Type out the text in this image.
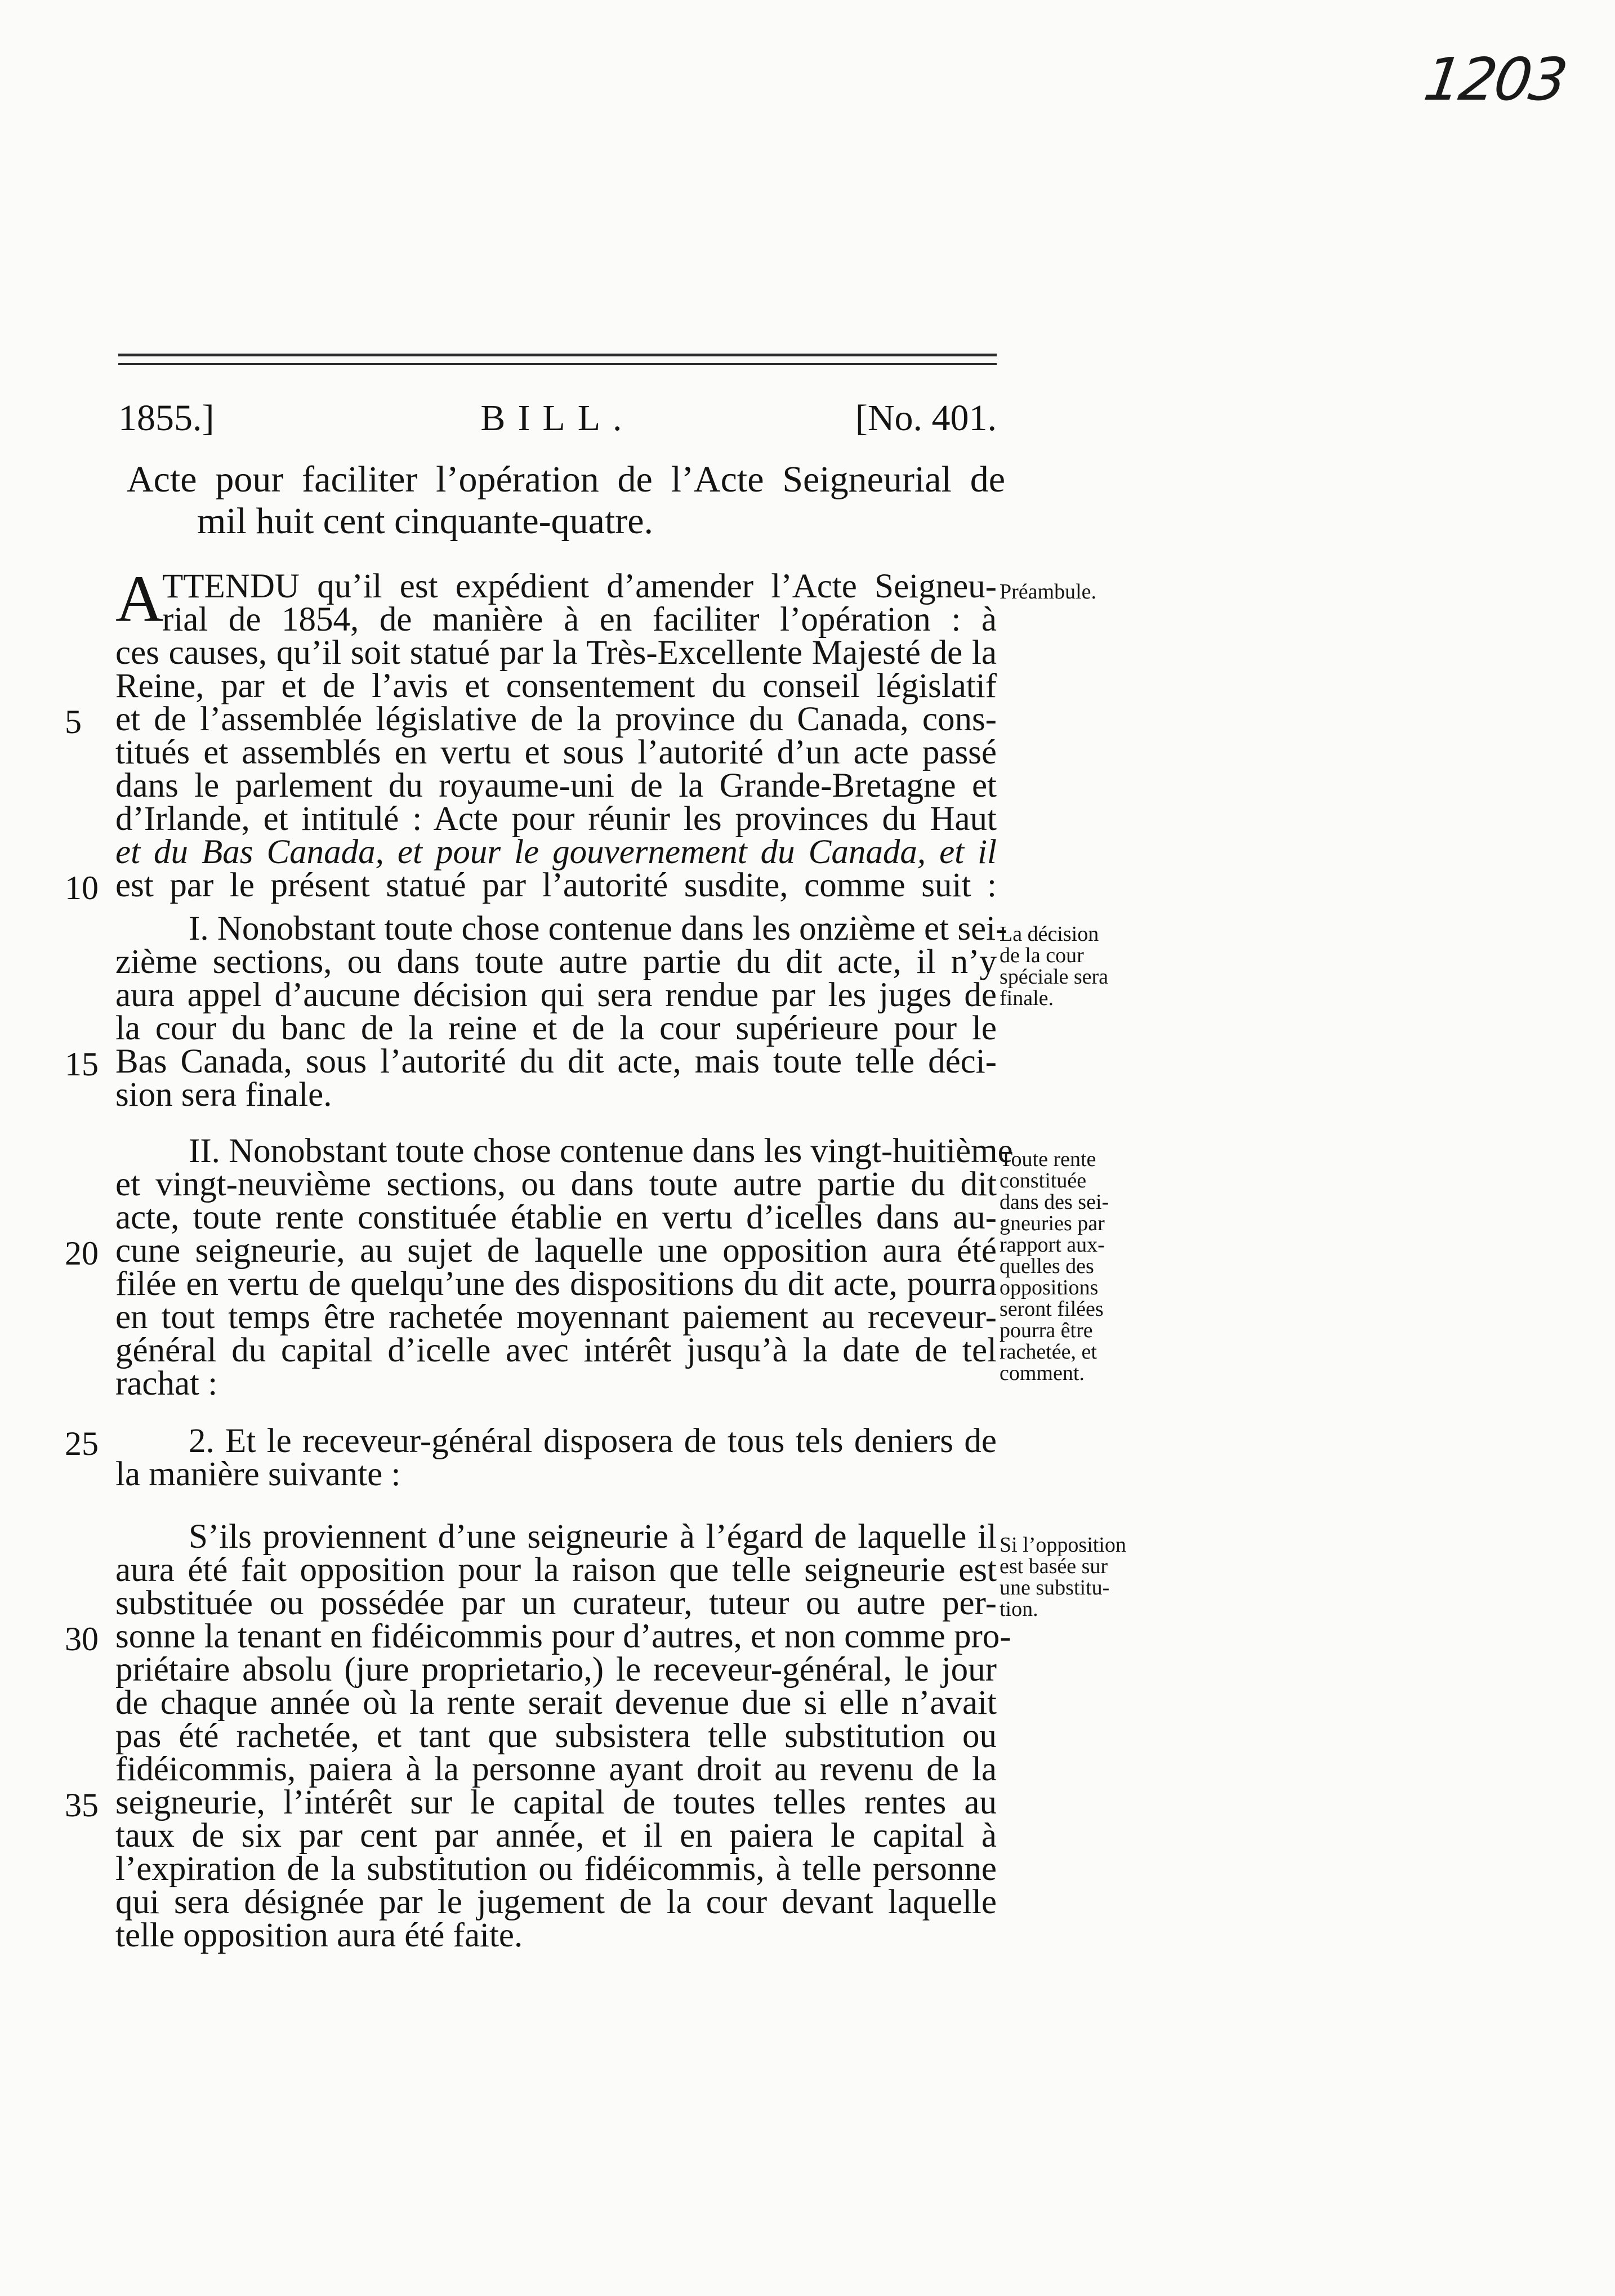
1203
1855.]	BILL.	[No. 401.
Acte pour faciliter l’opération de l’Acte Seigneurial de
mil huit cent cinquante-quatre.
A
TTENDU qu’il est expédient d’amender l’Acte Seigneu-
rial de 1854, de manière à en faciliter l’opération : à
ces causes, qu’il soit statué par la Très-Excellente Majesté de la
Reine, par et de l’avis et consentement du conseil législatif
et de l’assemblée législative de la province du Canada, cons-
titués et assemblés en vertu et sous l’autorité d’un acte passé
dans le parlement du royaume-uni de la Grande-Bretagne et
d’Irlande, et intitulé : Acte pour réunir les provinces du Haut
et du Bas Canada, et pour le gouvernement du Canada, et il
est par le présent statué par l’autorité susdite, comme suit :
Préambule.
I. Nonobstant toute chose contenue dans les onzième et sei-
zième sections, ou dans toute autre partie du dit acte, il n’y
aura appel d’aucune décision qui sera rendue par les juges de
la cour du banc de la reine et de la cour supérieure pour le
Bas Canada, sous l’autorité du dit acte, mais toute telle déci-
sion sera finale.
La décision
de la cour
spéciale sera
finale.
II. Nonobstant toute chose contenue dans les vingt-huitième
et vingt-neuvième sections, ou dans toute autre partie du dit
acte, toute rente constituée établie en vertu d’icelles dans au-
cune seigneurie, au sujet de laquelle une opposition aura été
filée en vertu de quelqu’une des dispositions du dit acte, pourra
en tout temps être rachetée moyennant paiement au receveur-
général du capital d’icelle avec intérêt jusqu’à la date de tel
rachat :
Toute rente
constituée
dans des sei-
gneuries par
rapport aux-
quelles des
oppositions
seront filées
pourra être
rachetée, et
comment.
2. Et le receveur-général disposera de tous tels deniers de
la manière suivante :
S’ils proviennent d’une seigneurie à l’égard de laquelle il
aura été fait opposition pour la raison que telle seigneurie est
substituée ou possédée par un curateur, tuteur ou autre per-
sonne la tenant en fidéicommis pour d’autres, et non comme pro-
priétaire absolu (jure proprietario,) le receveur-général, le jour
de chaque année où la rente serait devenue due si elle n’avait
pas été rachetée, et tant que subsistera telle substitution ou
fidéicommis, paiera à la personne ayant droit au revenu de la
seigneurie, l’intérêt sur le capital de toutes telles rentes au
taux de six par cent par année, et il en paiera le capital à
l’expiration de la substitution ou fidéicommis, à telle personne
qui sera désignée par le jugement de la cour devant laquelle
telle opposition aura été faite.
Si l’opposition
est basée sur
une substitu-
tion.
5
10
15
20
25
30
35
